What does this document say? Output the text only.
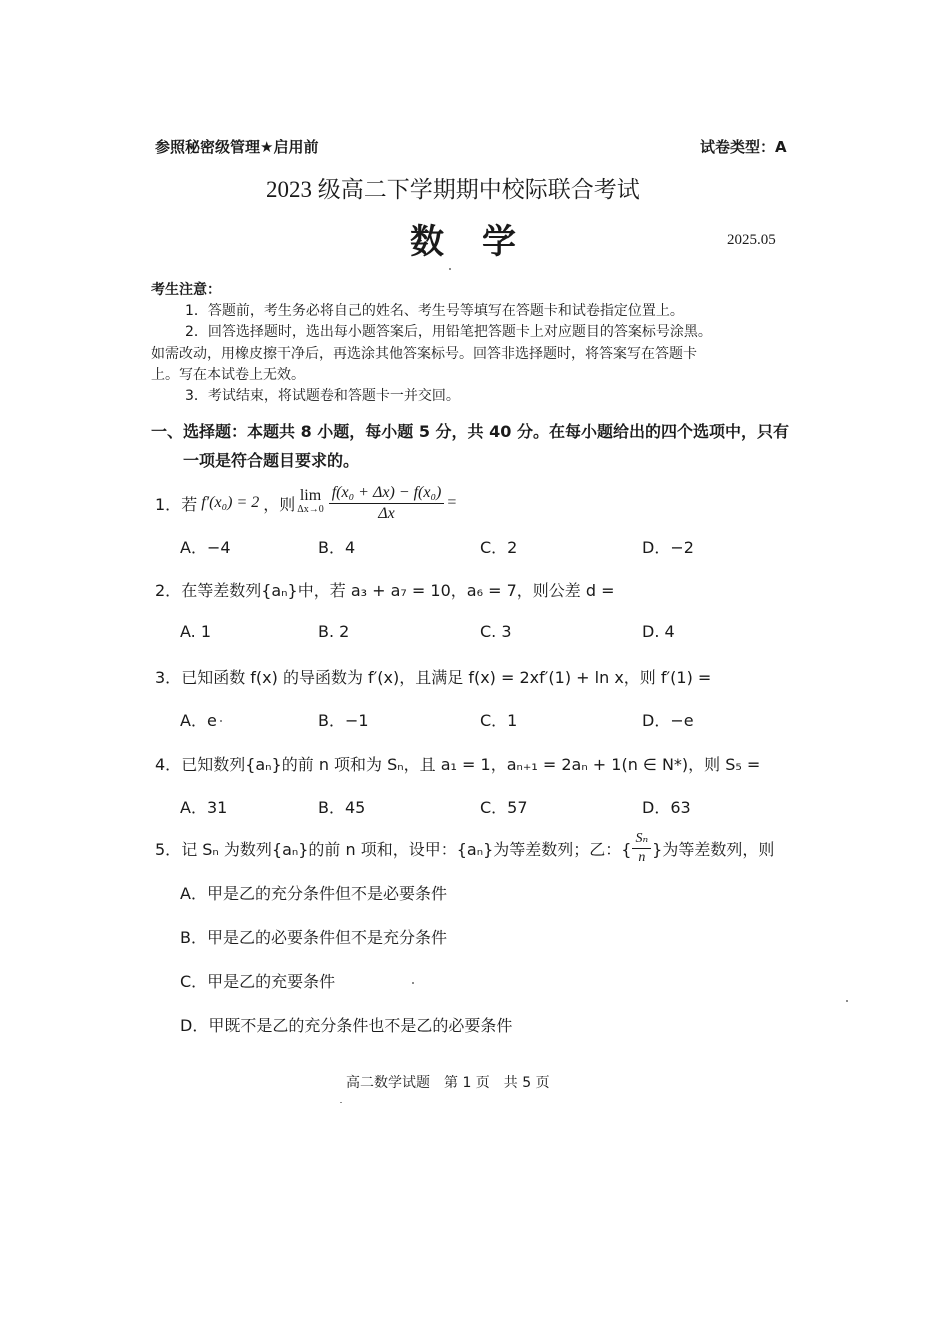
参照秘密级管理★启用前	试卷类型：A
2023 级高二下学期期中校际联合考试
数　学	2025.05
考生注意：
1．答题前，考生务必将自己的姓名、考生号等填写在答题卡和试卷指定位置上。
2．回答选择题时，选出每小题答案后，用铅笔把答题卡上对应题目的答案标号涂黑。
如需改动，用橡皮擦干净后，再选涂其他答案标号。回答非选择题时，将答案写在答题卡
上。写在本试卷上无效。
3．考试结束，将试题卷和答题卡一并交回。
一、选择题：本题共 8 小题，每小题 5 分，共 40 分。在每小题给出的四个选项中，只有
一项是符合题目要求的。
1． 若 f′(x₀) = 2 ，则 lim
$\Delta x\to 0 \frac{\text{f(x₀ + Δx) − f(x₀)}}{\Delta x}$ =
A．−4	B．4	C．2	D．−2
2．在等差数列{aₙ}中，若 a₃ + a₇ = 10，a₆ = 7，则公差 d =
A. 1	B. 2	C. 3	D. 4
3．已知函数 f(x) 的导函数为 f′(x)，且满足 f(x) = 2xf′(1) + ln x，则 f′(1) =
A．e	B．−1	C．1	D．−e
4．已知数列{aₙ}的前 n 项和为 Sₙ，且 a₁ = 1，aₙ₊₁ = 2aₙ + 1(n ∈ N*)，则 S₅ =
A．31	B．45	C．57	D．63
5． 记 Sₙ 为数列{aₙ}的前 n 项和，设甲：{aₙ}为等差数列；乙：{ $\frac{\text{Sₙ}}{n}$ }为等差数列，则
A．甲是乙的充分条件但不是必要条件
B．甲是乙的必要条件但不是充分条件
C．甲是乙的充要条件
D．甲既不是乙的充分条件也不是乙的必要条件
高二数学试题　第 1 页　共 5 页
